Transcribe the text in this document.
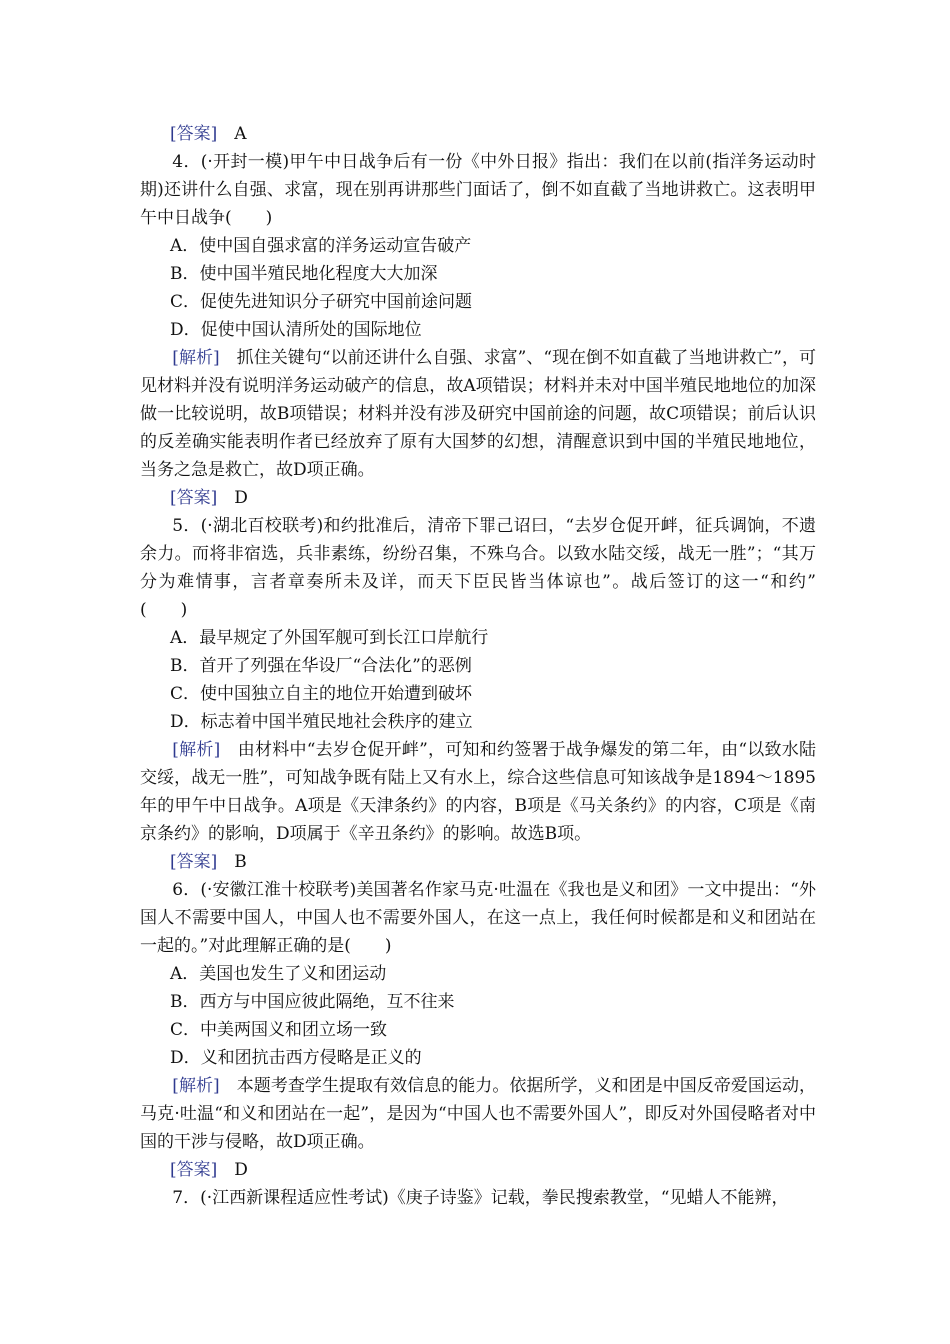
[答案]　 A
4．(·开封一模)甲午中日战争后有一份《中外日报》指出：我们在以前(指洋务运动时期)还讲什么自强、求富，现在别再讲那些门面话了，倒不如直截了当地讲救亡。这表明甲午中日战争(　　)
A．使中国自强求富的洋务运动宣告破产
B．使中国半殖民地化程度大大加深
C．促使先进知识分子研究中国前途问题
D．促使中国认清所处的国际地位
[解析]　 抓住关键句“以前还讲什么自强、求富”、“现在倒不如直截了当地讲救亡”，可见材料并没有说明洋务运动破产的信息，故A项错误；材料并未对中国半殖民地地位的加深做一比较说明，故B项错误；材料并没有涉及研究中国前途的问题，故C项错误；前后认识的反差确实能表明作者已经放弃了原有大国梦的幻想，清醒意识到中国的半殖民地地位，当务之急是救亡，故D项正确。
[答案]　 D
5．(·湖北百校联考)和约批准后，清帝下罪己诏曰，“去岁仓促开衅，征兵调饷，不遗余力。而将非宿选，兵非素练，纷纷召集，不殊乌合。以致水陆交绥，战无一胜”；“其万分为难情事，言者章奏所未及详，而天下臣民皆当体谅也”。战后签订的这一“和约”　(　　)
A．最早规定了外国军舰可到长江口岸航行
B．首开了列强在华设厂“合法化”的恶例
C．使中国独立自主的地位开始遭到破坏
D．标志着中国半殖民地社会秩序的建立
[解析]　 由材料中“去岁仓促开衅”，可知和约签署于战争爆发的第二年，由“以致水陆交绥，战无一胜”，可知战争既有陆上又有水上，综合这些信息可知该战争是1894～1895年的甲午中日战争。A项是《天津条约》的内容，B项是《马关条约》的内容，C项是《南京条约》的影响，D项属于《辛丑条约》的影响。故选B项。
[答案]　 B
6．(·安徽江淮十校联考)美国著名作家马克·吐温在《我也是义和团》一文中提出：“外国人不需要中国人，中国人也不需要外国人，在这一点上，我任何时候都是和义和团站在一起的。”对此理解正确的是(　　)
A．美国也发生了义和团运动
B．西方与中国应彼此隔绝，互不往来
C．中美两国义和团立场一致
D．义和团抗击西方侵略是正义的
[解析]　 本题考查学生提取有效信息的能力。依据所学，义和团是中国反帝爱国运动，马克·吐温“和义和团站在一起”，是因为“中国人也不需要外国人”，即反对外国侵略者对中国的干涉与侵略，故D项正确。
[答案]　 D
7．(·江西新课程适应性考试)《庚子诗鉴》记载，拳民搜索教堂，“见蜡人不能辨，
